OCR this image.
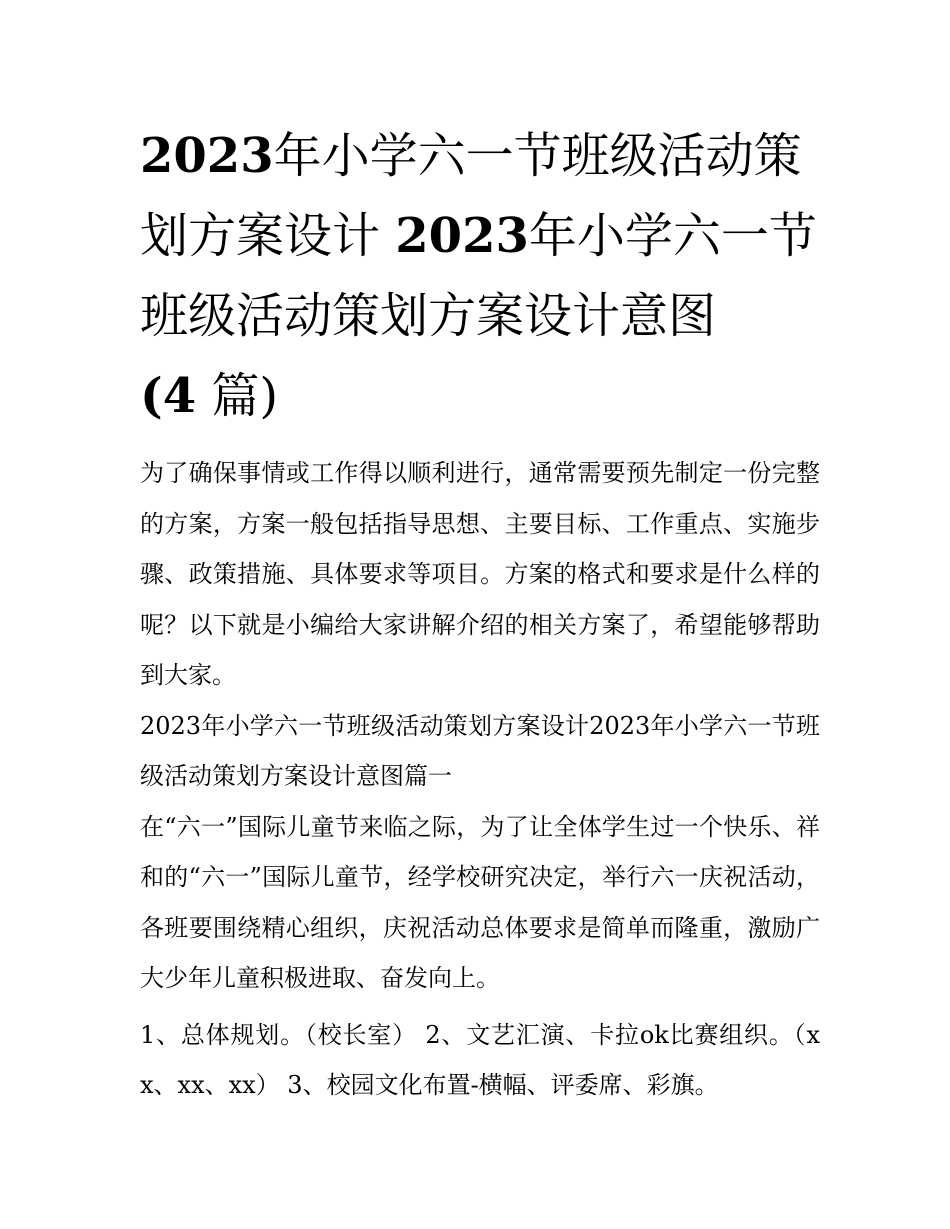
2023年小学六一节班级活动策划方案设计 2023年小学六一节班级活动策划方案设计意图
(4 篇)

为了确保事情或工作得以顺利进行，通常需要预先制定一份完整的方案，方案一般包括指导思想、主要目标、工作重点、实施步骤、政策措施、具体要求等项目。方案的格式和要求是什么样的呢？以下就是小编给大家讲解介绍的相关方案了，希望能够帮助到大家。

2023年小学六一节班级活动策划方案设计2023年小学六一节班级活动策划方案设计意图篇一

在“六一”国际儿童节来临之际，为了让全体学生过一个快乐、祥和的“六一”国际儿童节，经学校研究决定，举行六一庆祝活动，各班要围绕精心组织，庆祝活动总体要求是简单而隆重，激励广大少年儿童积极进取、奋发向上。

1、总体规划。（校长室） 2、文艺汇演、卡拉ok比赛组织。（xx、xx、xx） 3、校园文化布置-横幅、评委席、彩旗。
